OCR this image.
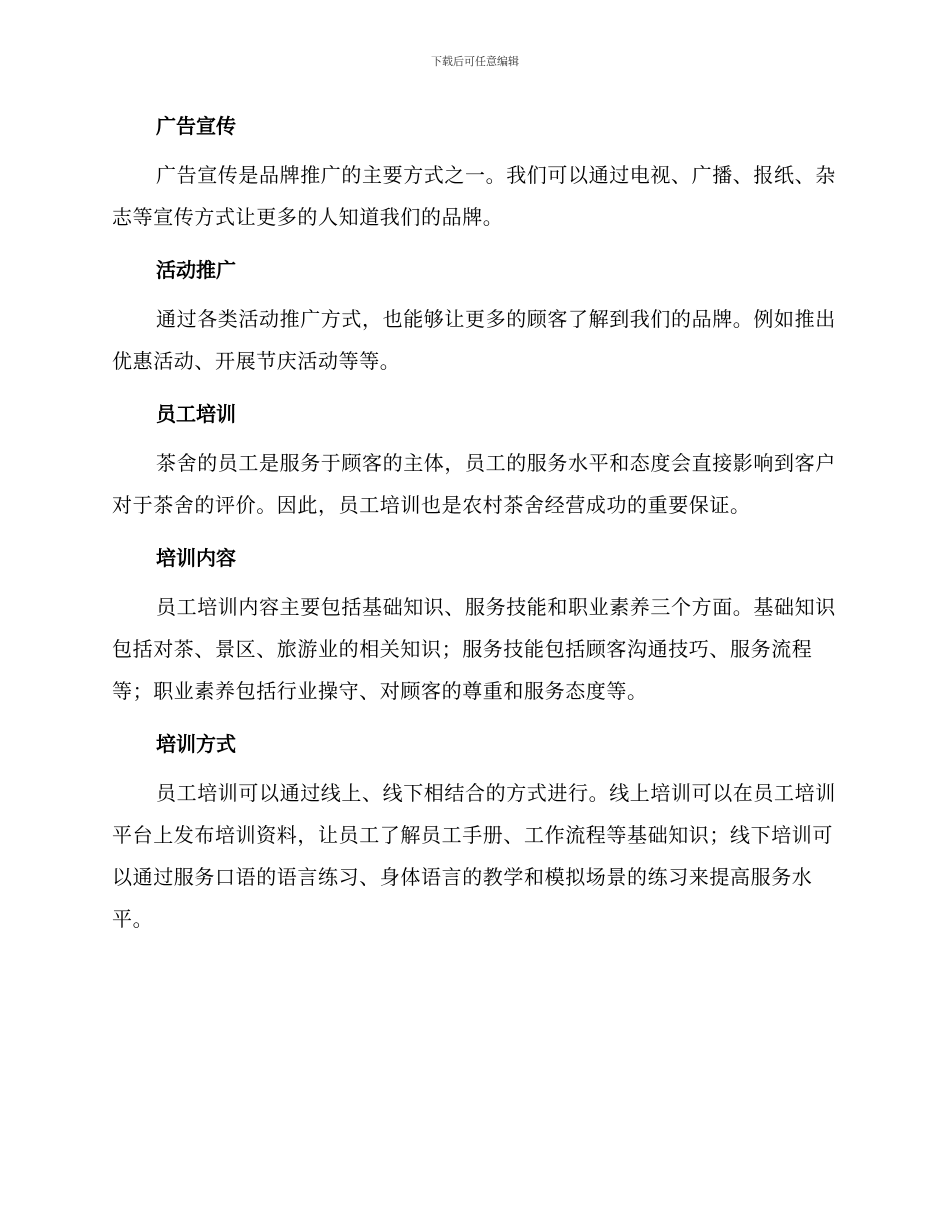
下载后可任意编辑
广告宣传

广告宣传是品牌推广的主要方式之一。我们可以通过电视、广播、报纸、杂志等宣传方式让更多的人知道我们的品牌。

活动推广

通过各类活动推广方式，也能够让更多的顾客了解到我们的品牌。例如推出优惠活动、开展节庆活动等等。

员工培训

茶舍的员工是服务于顾客的主体，员工的服务水平和态度会直接影响到客户对于茶舍的评价。因此，员工培训也是农村茶舍经营成功的重要保证。

培训内容

员工培训内容主要包括基础知识、服务技能和职业素养三个方面。基础知识包括对茶、景区、旅游业的相关知识；服务技能包括顾客沟通技巧、服务流程等；职业素养包括行业操守、对顾客的尊重和服务态度等。

培训方式

员工培训可以通过线上、线下相结合的方式进行。线上培训可以在员工培训平台上发布培训资料，让员工了解员工手册、工作流程等基础知识；线下培训可以通过服务口语的语言练习、身体语言的教学和模拟场景的练习来提高服务水平。
